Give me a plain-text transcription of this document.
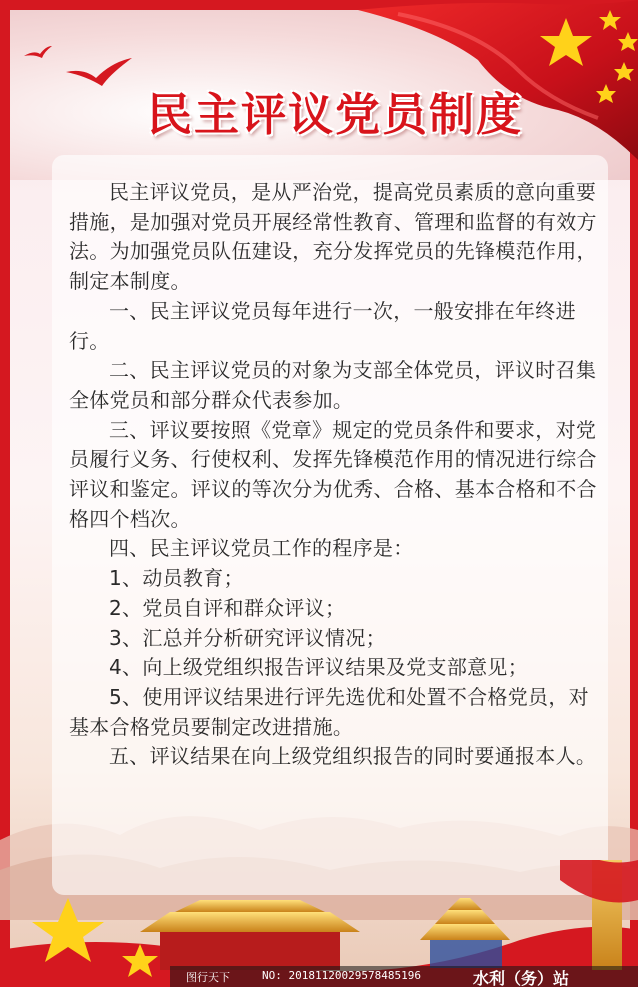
民主评议党员制度

民主评议党员，是从严治党，提高党员素质的意向重要措施，是加强对党员开展经常性教育、管理和监督的有效方法。为加强党员队伍建设，充分发挥党员的先锋模范作用，制定本制度。

一、民主评议党员每年进行一次，一般安排在年终进行。

二、民主评议党员的对象为支部全体党员，评议时召集全体党员和部分群众代表参加。

三、评议要按照《党章》规定的党员条件和要求，对党员履行义务、行使权利、发挥先锋模范作用的情况进行综合评议和鉴定。评议的等次分为优秀、合格、基本合格和不合格四个档次。

四、民主评议党员工作的程序是：

1、动员教育；

2、党员自评和群众评议；

3、汇总并分析研究评议情况；

4、向上级党组织报告评议结果及党支部意见；

5、使用评议结果进行评先选优和处置不合格党员，对基本合格党员要制定改进措施。

五、评议结果在向上级党组织报告的同时要通报本人。

图行天下	NO: 20181120029578485196	水利（务）站
